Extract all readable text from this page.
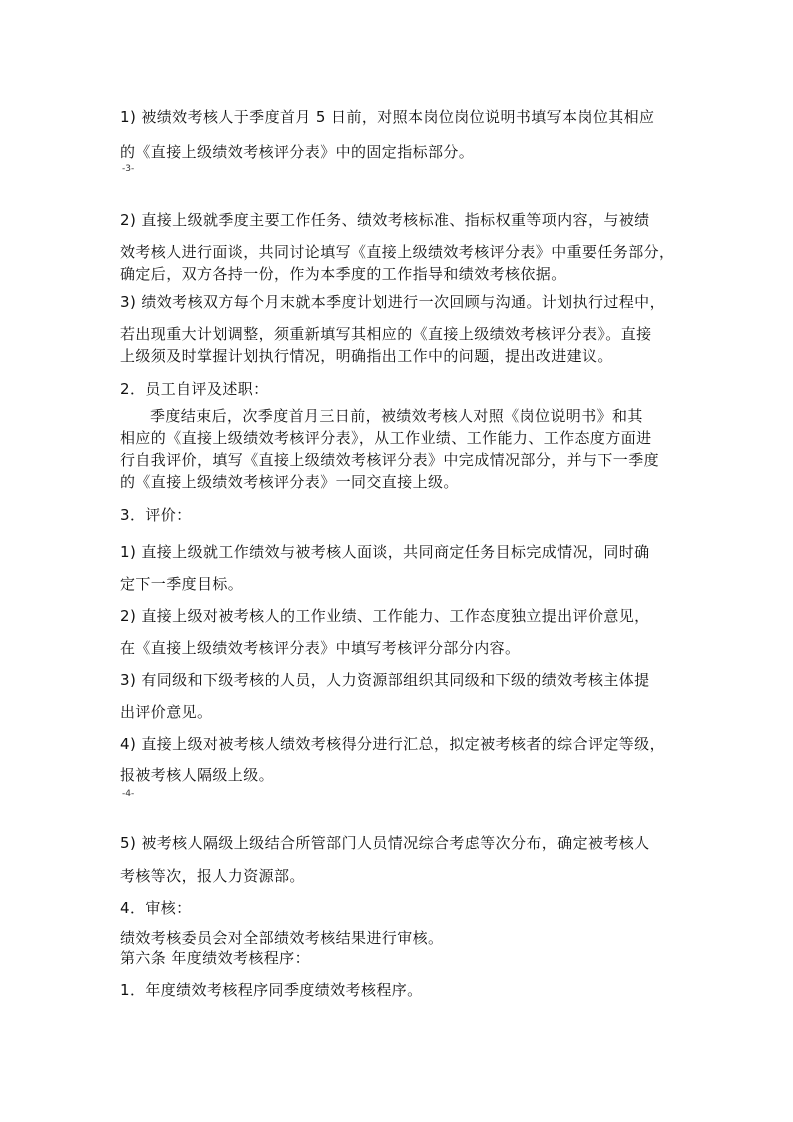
1) 被绩效考核人于季度首月 5 日前，对照本岗位岗位说明书填写本岗位其相应
的《直接上级绩效考核评分表》中的固定指标部分。
-3-
2) 直接上级就季度主要工作任务、绩效考核标准、指标权重等项内容，与被绩
效考核人进行面谈，共同讨论填写《直接上级绩效考核评分表》中重要任务部分，
确定后，双方各持一份，作为本季度的工作指导和绩效考核依据。
3) 绩效考核双方每个月末就本季度计划进行一次回顾与沟通。计划执行过程中，
若出现重大计划调整，须重新填写其相应的《直接上级绩效考核评分表》。直接
上级须及时掌握计划执行情况，明确指出工作中的问题，提出改进建议。
2．员工自评及述职：
季度结束后，次季度首月三日前，被绩效考核人对照《岗位说明书》和其
相应的《直接上级绩效考核评分表》，从工作业绩、工作能力、工作态度方面进
行自我评价，填写《直接上级绩效考核评分表》中完成情况部分，并与下一季度
的《直接上级绩效考核评分表》一同交直接上级。
3．评价：
1) 直接上级就工作绩效与被考核人面谈，共同商定任务目标完成情况，同时确
定下一季度目标。
2) 直接上级对被考核人的工作业绩、工作能力、工作态度独立提出评价意见，
在《直接上级绩效考核评分表》中填写考核评分部分内容。
3) 有同级和下级考核的人员，人力资源部组织其同级和下级的绩效考核主体提
出评价意见。
4) 直接上级对被考核人绩效考核得分进行汇总，拟定被考核者的综合评定等级，
报被考核人隔级上级。
-4-
5) 被考核人隔级上级结合所管部门人员情况综合考虑等次分布，确定被考核人
考核等次，报人力资源部。
4．审核：
绩效考核委员会对全部绩效考核结果进行审核。
第六条 年度绩效考核程序：
1．年度绩效考核程序同季度绩效考核程序。
